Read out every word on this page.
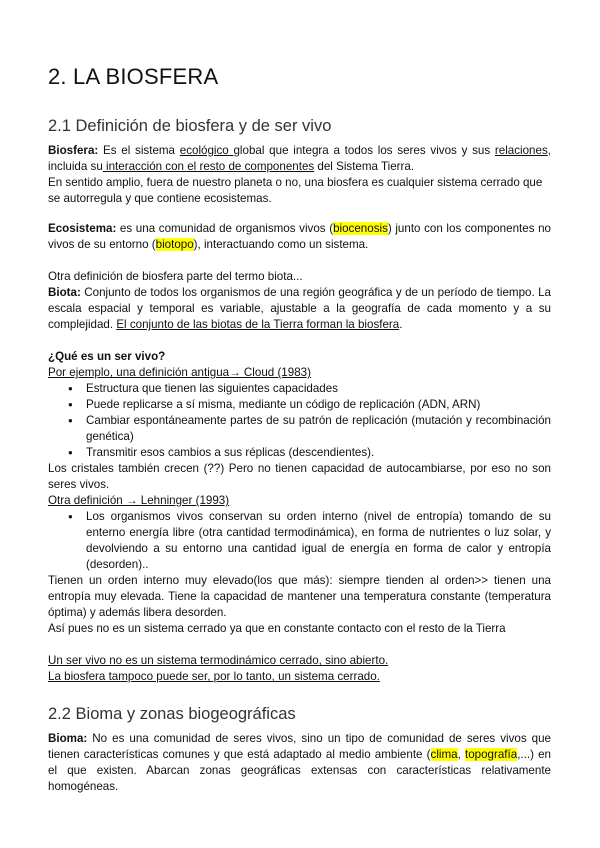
2. LA BIOSFERA
2.1 Definición de biosfera y de ser vivo
Biosfera: Es el sistema ecológico global que integra a todos los seres vivos y sus relaciones, incluida su interacción con el resto de componentes del Sistema Tierra.
En sentido amplio, fuera de nuestro planeta o no, una biosfera es cualquier sistema cerrado que se autorregula y que contiene ecosistemas.
Ecosistema: es una comunidad de organismos vivos (biocenosis) junto con los componentes no vivos de su entorno (biotopo), interactuando como un sistema.
Otra definición de biosfera parte del termo biota...
Biota: Conjunto de todos los organismos de una región geográfica y de un período de tiempo. La escala espacial y temporal es variable, ajustable a la geografía de cada momento y a su complejidad. El conjunto de las biotas de la Tierra forman la biosfera.
¿Qué es un ser vivo?
Por ejemplo, una definición antigua→ Cloud (1983)
● Estructura que tienen las siguientes capacidades
● Puede replicarse a sí misma, mediante un código de replicación (ADN, ARN)
● Cambiar espontáneamente partes de su patrón de replicación (mutación y recombinación genética)
● Transmitir esos cambios a sus réplicas (descendientes).
Los cristales también crecen (??) Pero no tienen capacidad de autocambiarse, por eso no son seres vivos.
Otra definición → Lehninger (1993)
● Los organismos vivos conservan su orden interno (nivel de entropía) tomando de su enterno energía libre (otra cantidad termodinámica), en forma de nutrientes o luz solar, y devolviendo a su entorno una cantidad igual de energía en forma de calor y entropía (desorden)..
Tienen un orden interno muy elevado(los que más): siempre tienden al orden>> tienen una entropía muy elevada. Tiene la capacidad de mantener una temperatura constante (temperatura óptima) y además libera desorden.
Así pues no es un sistema cerrado ya que en constante contacto con el resto de la Tierra
Un ser vivo no es un sistema termodinámico cerrado, sino abierto.
La biosfera tampoco puede ser, por lo tanto, un sistema cerrado.
2.2 Bioma y zonas biogeográficas
Bioma: No es una comunidad de seres vivos, sino un tipo de comunidad de seres vivos que tienen características comunes y que está adaptado al medio ambiente (clima, topografía,...) en el que existen. Abarcan zonas geográficas extensas con características relativamente homogéneas.
